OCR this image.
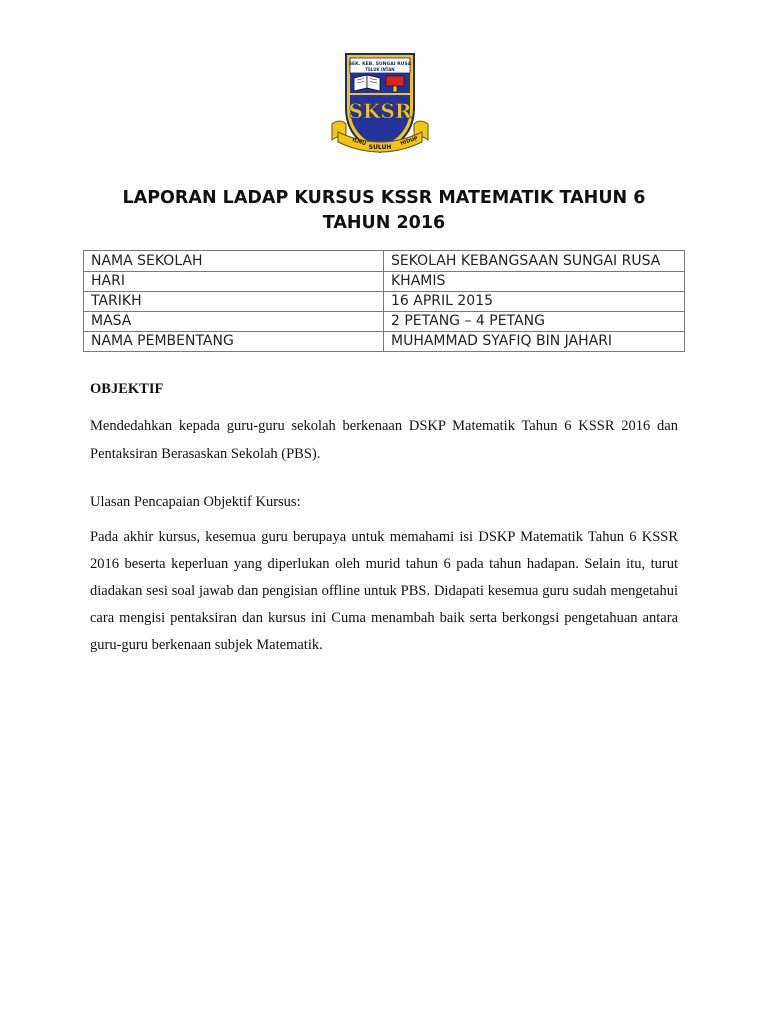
SEK. KEB. SUNGAI RUSA
TELUK INTAN
SKSR
ILMU
SULUH
HIDUP
LAPORAN LADAP KURSUS KSSR MATEMATIK TAHUN 6
TAHUN 2016
NAMA SEKOLAH	SEKOLAH KEBANGSAAN SUNGAI RUSA
HARI	KHAMIS
TARIKH	16 APRIL 2015
MASA	2 PETANG – 4 PETANG
NAMA PEMBENTANG	MUHAMMAD SYAFIQ BIN JAHARI
OBJEKTIF
Mendedahkan kepada guru-guru sekolah berkenaan DSKP Matematik Tahun 6 KSSR 2016 dan Pentaksiran Berasaskan Sekolah (PBS).
Ulasan Pencapaian Objektif Kursus:
Pada akhir kursus, kesemua guru berupaya untuk memahami isi DSKP Matematik Tahun 6 KSSR 2016 beserta keperluan yang diperlukan oleh murid tahun 6 pada tahun hadapan. Selain itu, turut diadakan sesi soal jawab dan pengisian offline untuk PBS. Didapati kesemua guru sudah mengetahui cara mengisi pentaksiran dan kursus ini Cuma menambah baik serta berkongsi pengetahuan antara guru-guru berkenaan subjek Matematik.
